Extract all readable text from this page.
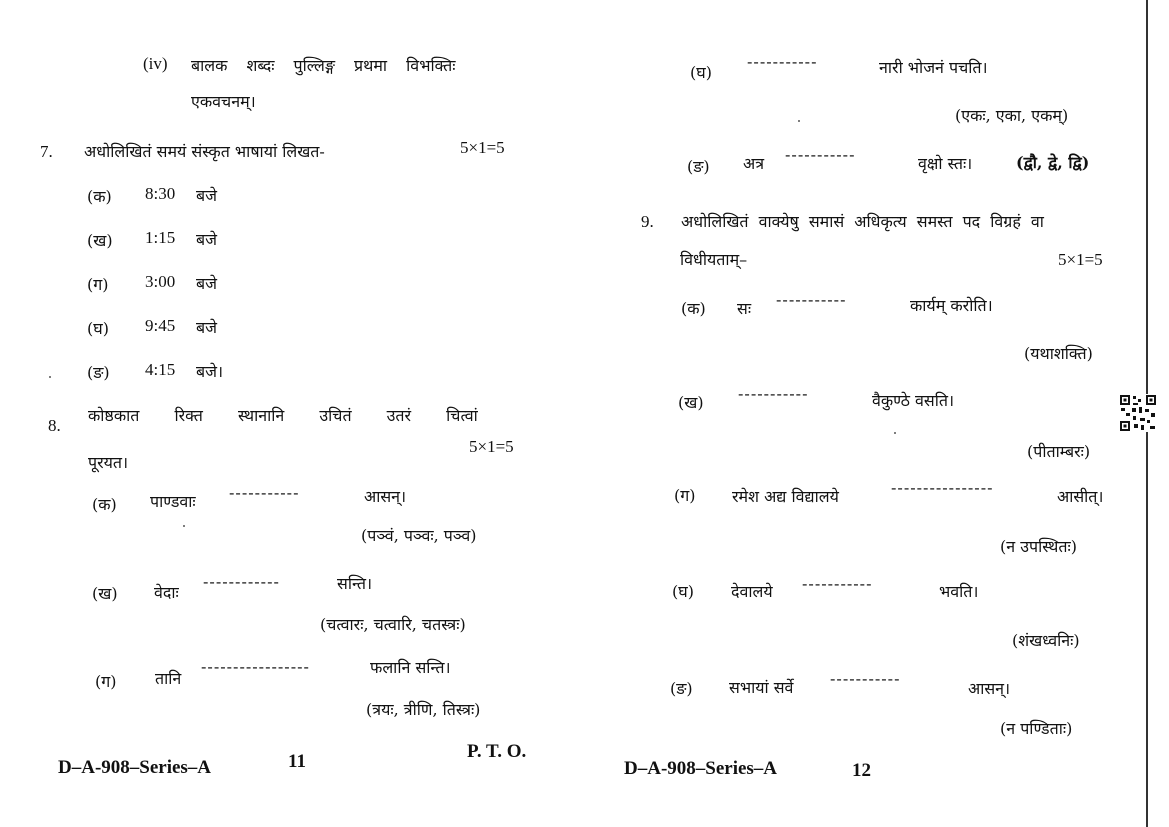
(iv) बालक शब्दः पुल्लिङ्ग प्रथमा विभक्तिः
एकवचनम्।
7. अधोलिखितं समयं संस्कृत भाषायां लिखत-	5×1=5
(क) 8:30 बजे
(ख) 1:15 बजे
(ग) 3:00 बजे
(घ) 9:45 बजे
(ङ) 4:15 बजे।
8.
कोष्ठकात रिक्त स्थानानि उचितं उतरं चित्वां
पूरयत।
5×1=5
(क) पाण्डवाः -----------	आसन्।
(पञ्वं, पञ्वः, पञ्व)
(ख) वेदाः
------------	सन्ति।
(चत्वारः, चत्वारि, चतस्त्रः)
(ग) तानि
-----------------	फलानि सन्ति।
(त्रयः, त्रीणि, तिस्त्रः)
D–A-908–Series–A	11	P. T. O.
(घ)
-----------	नारी भोजनं पचति।
(एकः, एका, एकम्)
(ङ) अत्र -----------	वृक्षो स्तः।	(द्वौ, द्वे, द्वि)
9. अधोलिखितं वाक्येषु समासं अधिकृत्य समस्त पद विग्रहं वा
विधीयताम्–	5×1=5
(क) सः -----------	कार्यम् करोति।
(यथाशक्ति)
(ख) -----------	वैकुण्ठे वसति।
(पीताम्बरः)
(ग) रमेश अद्य विद्यालये	----------------	आसीत्।
(न उपस्थितः)
(घ) देवालये -----------	भवति।
(शंखध्वनिः)
(ङ) सभायां सर्वे -----------
आसन्।
(न पण्डिताः)
D–A-908–Series–A	12
